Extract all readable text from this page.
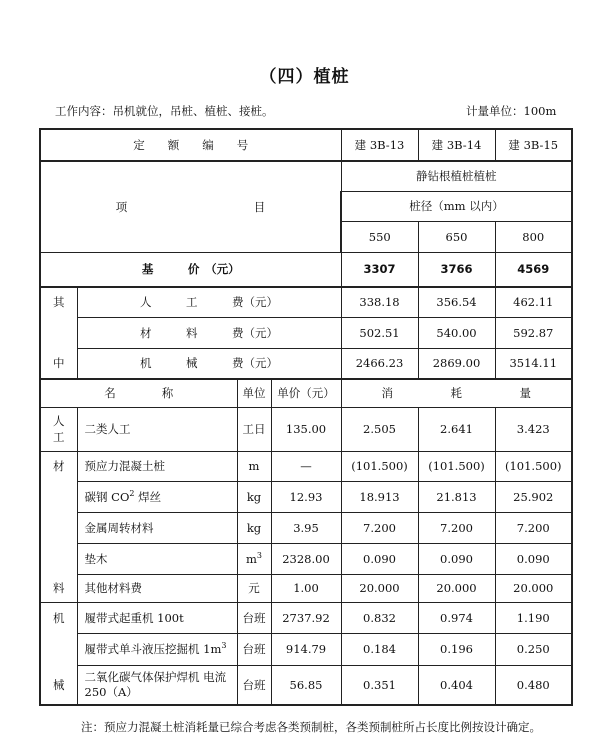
（四）植桩
工作内容：吊机就位，吊桩、植桩、接桩。	计量单位：100m
定　　额　　编　　号				建 3B-13	建 3B-14	建 3B-15
项　　　　　　　　　　　目				静钻根植桩植桩		
				桩径（mm 以内）		
				550	650	800
基　　　价　（元）				3307	3766	4569
其	人　　　工　　　费（元）			338.18	356.54	462.11
	材　　　料　　　费（元）			502.51	540.00	592.87
中	机　　　械　　　费（元）			2466.23	2869.00	3514.11
名　　　　称		单位	单价（元）	消　　　　　耗　　　　　量		
人
工	二类人工	工日	135.00	2.505	2.641	3.423
材	预应力混凝土桩	m	—	(101.500)	(101.500)	(101.500)
	碳钢 $CO^2$ 焊丝	kg	12.93	18.913	21.813	25.902
	金属周转材料	kg	3.95	7.200	7.200	7.200
	垫木	$m^3$	2328.00	0.090	0.090	0.090
料	其他材料费	元	1.00	20.000	20.000	20.000
机	履带式起重机 100t	台班	2737.92	0.832	0.974	1.190
	履带式单斗液压挖掘机 $1m^3$	台班	914.79	0.184	0.196	0.250
械	二氧化碳气体保护焊机 电流 250（A）	台班	56.85	0.351	0.404	0.480
注：预应力混凝土桩消耗量已综合考虑各类预制桩，各类预制桩所占长度比例按设计确定。
